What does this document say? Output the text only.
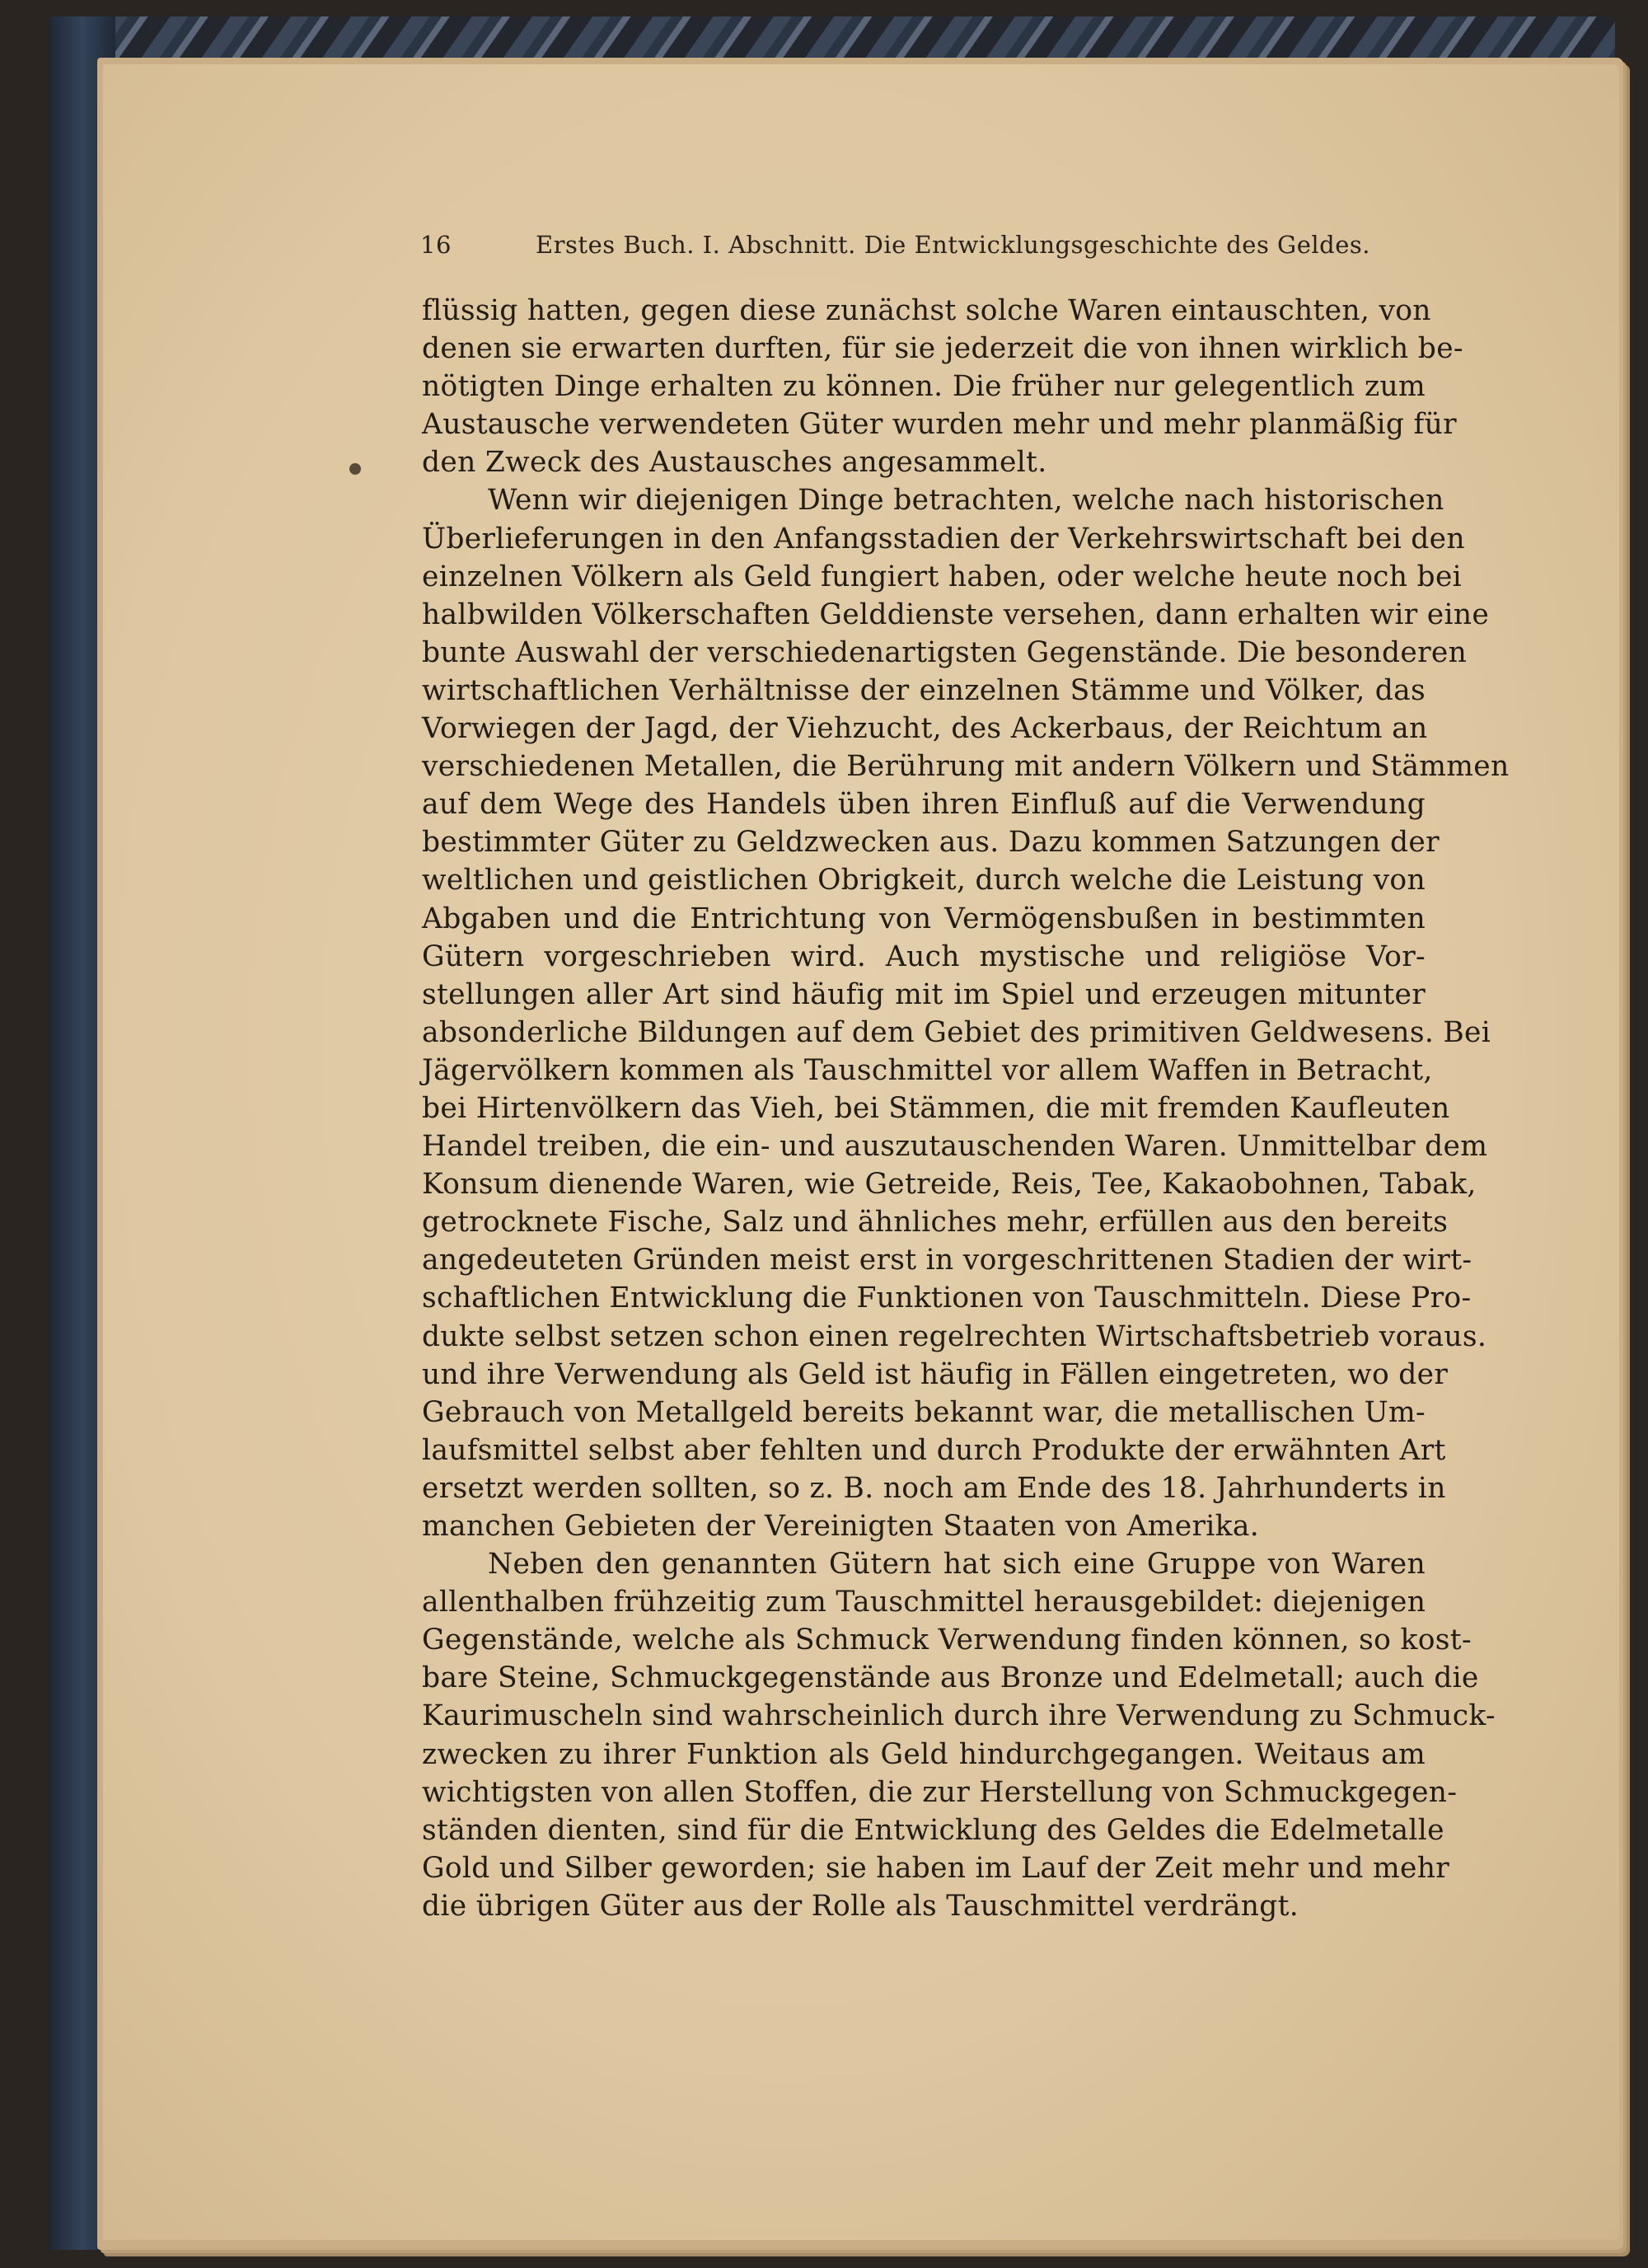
16	Erstes Buch. I. Abschnitt. Die Entwicklungsgeschichte des Geldes.
flüssig hatten, gegen diese zunächst solche Waren eintauschten, von
denen sie erwarten durften, für sie jederzeit die von ihnen wirklich be-
nötigten Dinge erhalten zu können. Die früher nur gelegentlich zum
Austausche verwendeten Güter wurden mehr und mehr planmäßig für
den Zweck des Austausches angesammelt.
Wenn wir diejenigen Dinge betrachten, welche nach historischen
Überlieferungen in den Anfangsstadien der Verkehrswirtschaft bei den
einzelnen Völkern als Geld fungiert haben, oder welche heute noch bei
halbwilden Völkerschaften Gelddienste versehen, dann erhalten wir eine
bunte Auswahl der verschiedenartigsten Gegenstände. Die besonderen
wirtschaftlichen Verhältnisse der einzelnen Stämme und Völker, das
Vorwiegen der Jagd, der Viehzucht, des Ackerbaus, der Reichtum an
verschiedenen Metallen, die Berührung mit andern Völkern und Stämmen
auf dem Wege des Handels üben ihren Einfluß auf die Verwendung
bestimmter Güter zu Geldzwecken aus. Dazu kommen Satzungen der
weltlichen und geistlichen Obrigkeit, durch welche die Leistung von
Abgaben und die Entrichtung von Vermögensbußen in bestimmten
Gütern vorgeschrieben wird. Auch mystische und religiöse Vor-
stellungen aller Art sind häufig mit im Spiel und erzeugen mitunter
absonderliche Bildungen auf dem Gebiet des primitiven Geldwesens. Bei
Jägervölkern kommen als Tauschmittel vor allem Waffen in Betracht,
bei Hirtenvölkern das Vieh, bei Stämmen, die mit fremden Kaufleuten
Handel treiben, die ein- und auszutauschenden Waren. Unmittelbar dem
Konsum dienende Waren, wie Getreide, Reis, Tee, Kakaobohnen, Tabak,
getrocknete Fische, Salz und ähnliches mehr, erfüllen aus den bereits
angedeuteten Gründen meist erst in vorgeschrittenen Stadien der wirt-
schaftlichen Entwicklung die Funktionen von Tauschmitteln. Diese Pro-
dukte selbst setzen schon einen regelrechten Wirtschaftsbetrieb voraus.
und ihre Verwendung als Geld ist häufig in Fällen eingetreten, wo der
Gebrauch von Metallgeld bereits bekannt war, die metallischen Um-
laufsmittel selbst aber fehlten und durch Produkte der erwähnten Art
ersetzt werden sollten, so z. B. noch am Ende des 18. Jahrhunderts in
manchen Gebieten der Vereinigten Staaten von Amerika.
Neben den genannten Gütern hat sich eine Gruppe von Waren
allenthalben frühzeitig zum Tauschmittel herausgebildet: diejenigen
Gegenstände, welche als Schmuck Verwendung finden können, so kost-
bare Steine, Schmuckgegenstände aus Bronze und Edelmetall; auch die
Kaurimuscheln sind wahrscheinlich durch ihre Verwendung zu Schmuck-
zwecken zu ihrer Funktion als Geld hindurchgegangen. Weitaus am
wichtigsten von allen Stoffen, die zur Herstellung von Schmuckgegen-
ständen dienten, sind für die Entwicklung des Geldes die Edelmetalle
Gold und Silber geworden; sie haben im Lauf der Zeit mehr und mehr
die übrigen Güter aus der Rolle als Tauschmittel verdrängt.
